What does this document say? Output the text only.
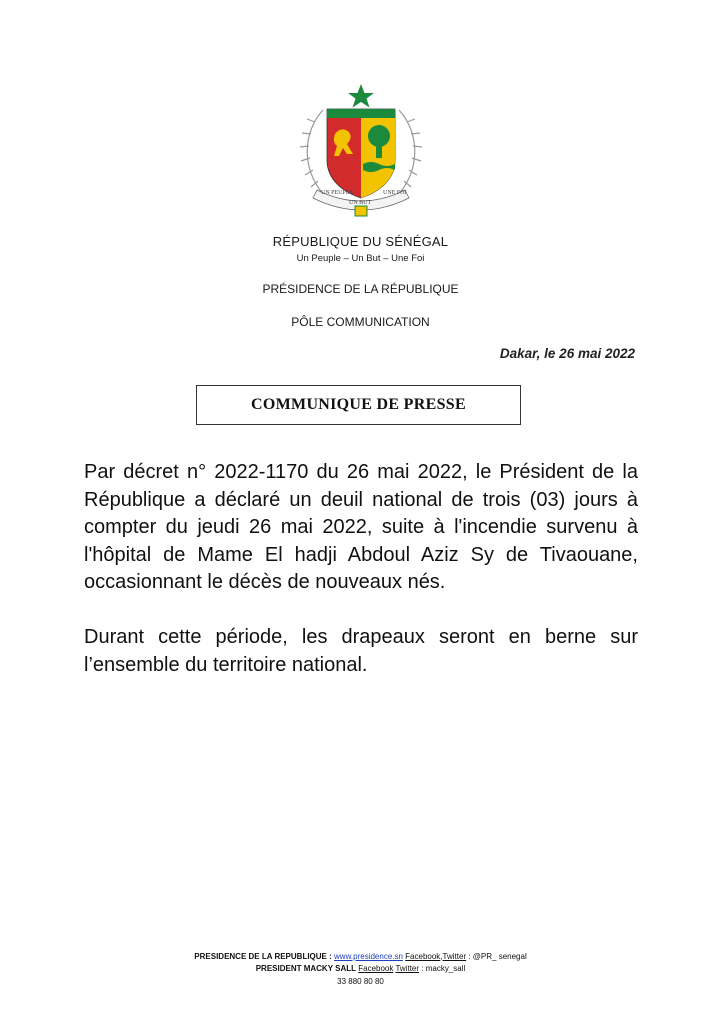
UN PEUPLE	UNE FOI
UN BUT
RÉPUBLIQUE DU SÉNÉGAL
Un Peuple – Un But – Une Foi
PRÉSIDENCE DE LA RÉPUBLIQUE
PÔLE COMMUNICATION
Dakar, le 26 mai 2022
COMMUNIQUE DE PRESSE

Par décret n° 2022-1170 du 26 mai 2022, le Président de la République a déclaré un deuil national de trois (03) jours à compter du jeudi 26 mai 2022, suite à l'incendie survenu à l'hôpital de Mame El hadji Abdoul Aziz Sy de Tivaouane, occasionnant le décès de nouveaux nés.

Durant cette période, les drapeaux seront en berne sur l’ensemble du territoire national.

PRESIDENCE DE LA REPUBLIQUE : www.presidence.sn Facebook,Twitter : @PR_ senegal
PRESIDENT MACKY SALL Facebook Twitter : macky_sall
33 880 80 80
